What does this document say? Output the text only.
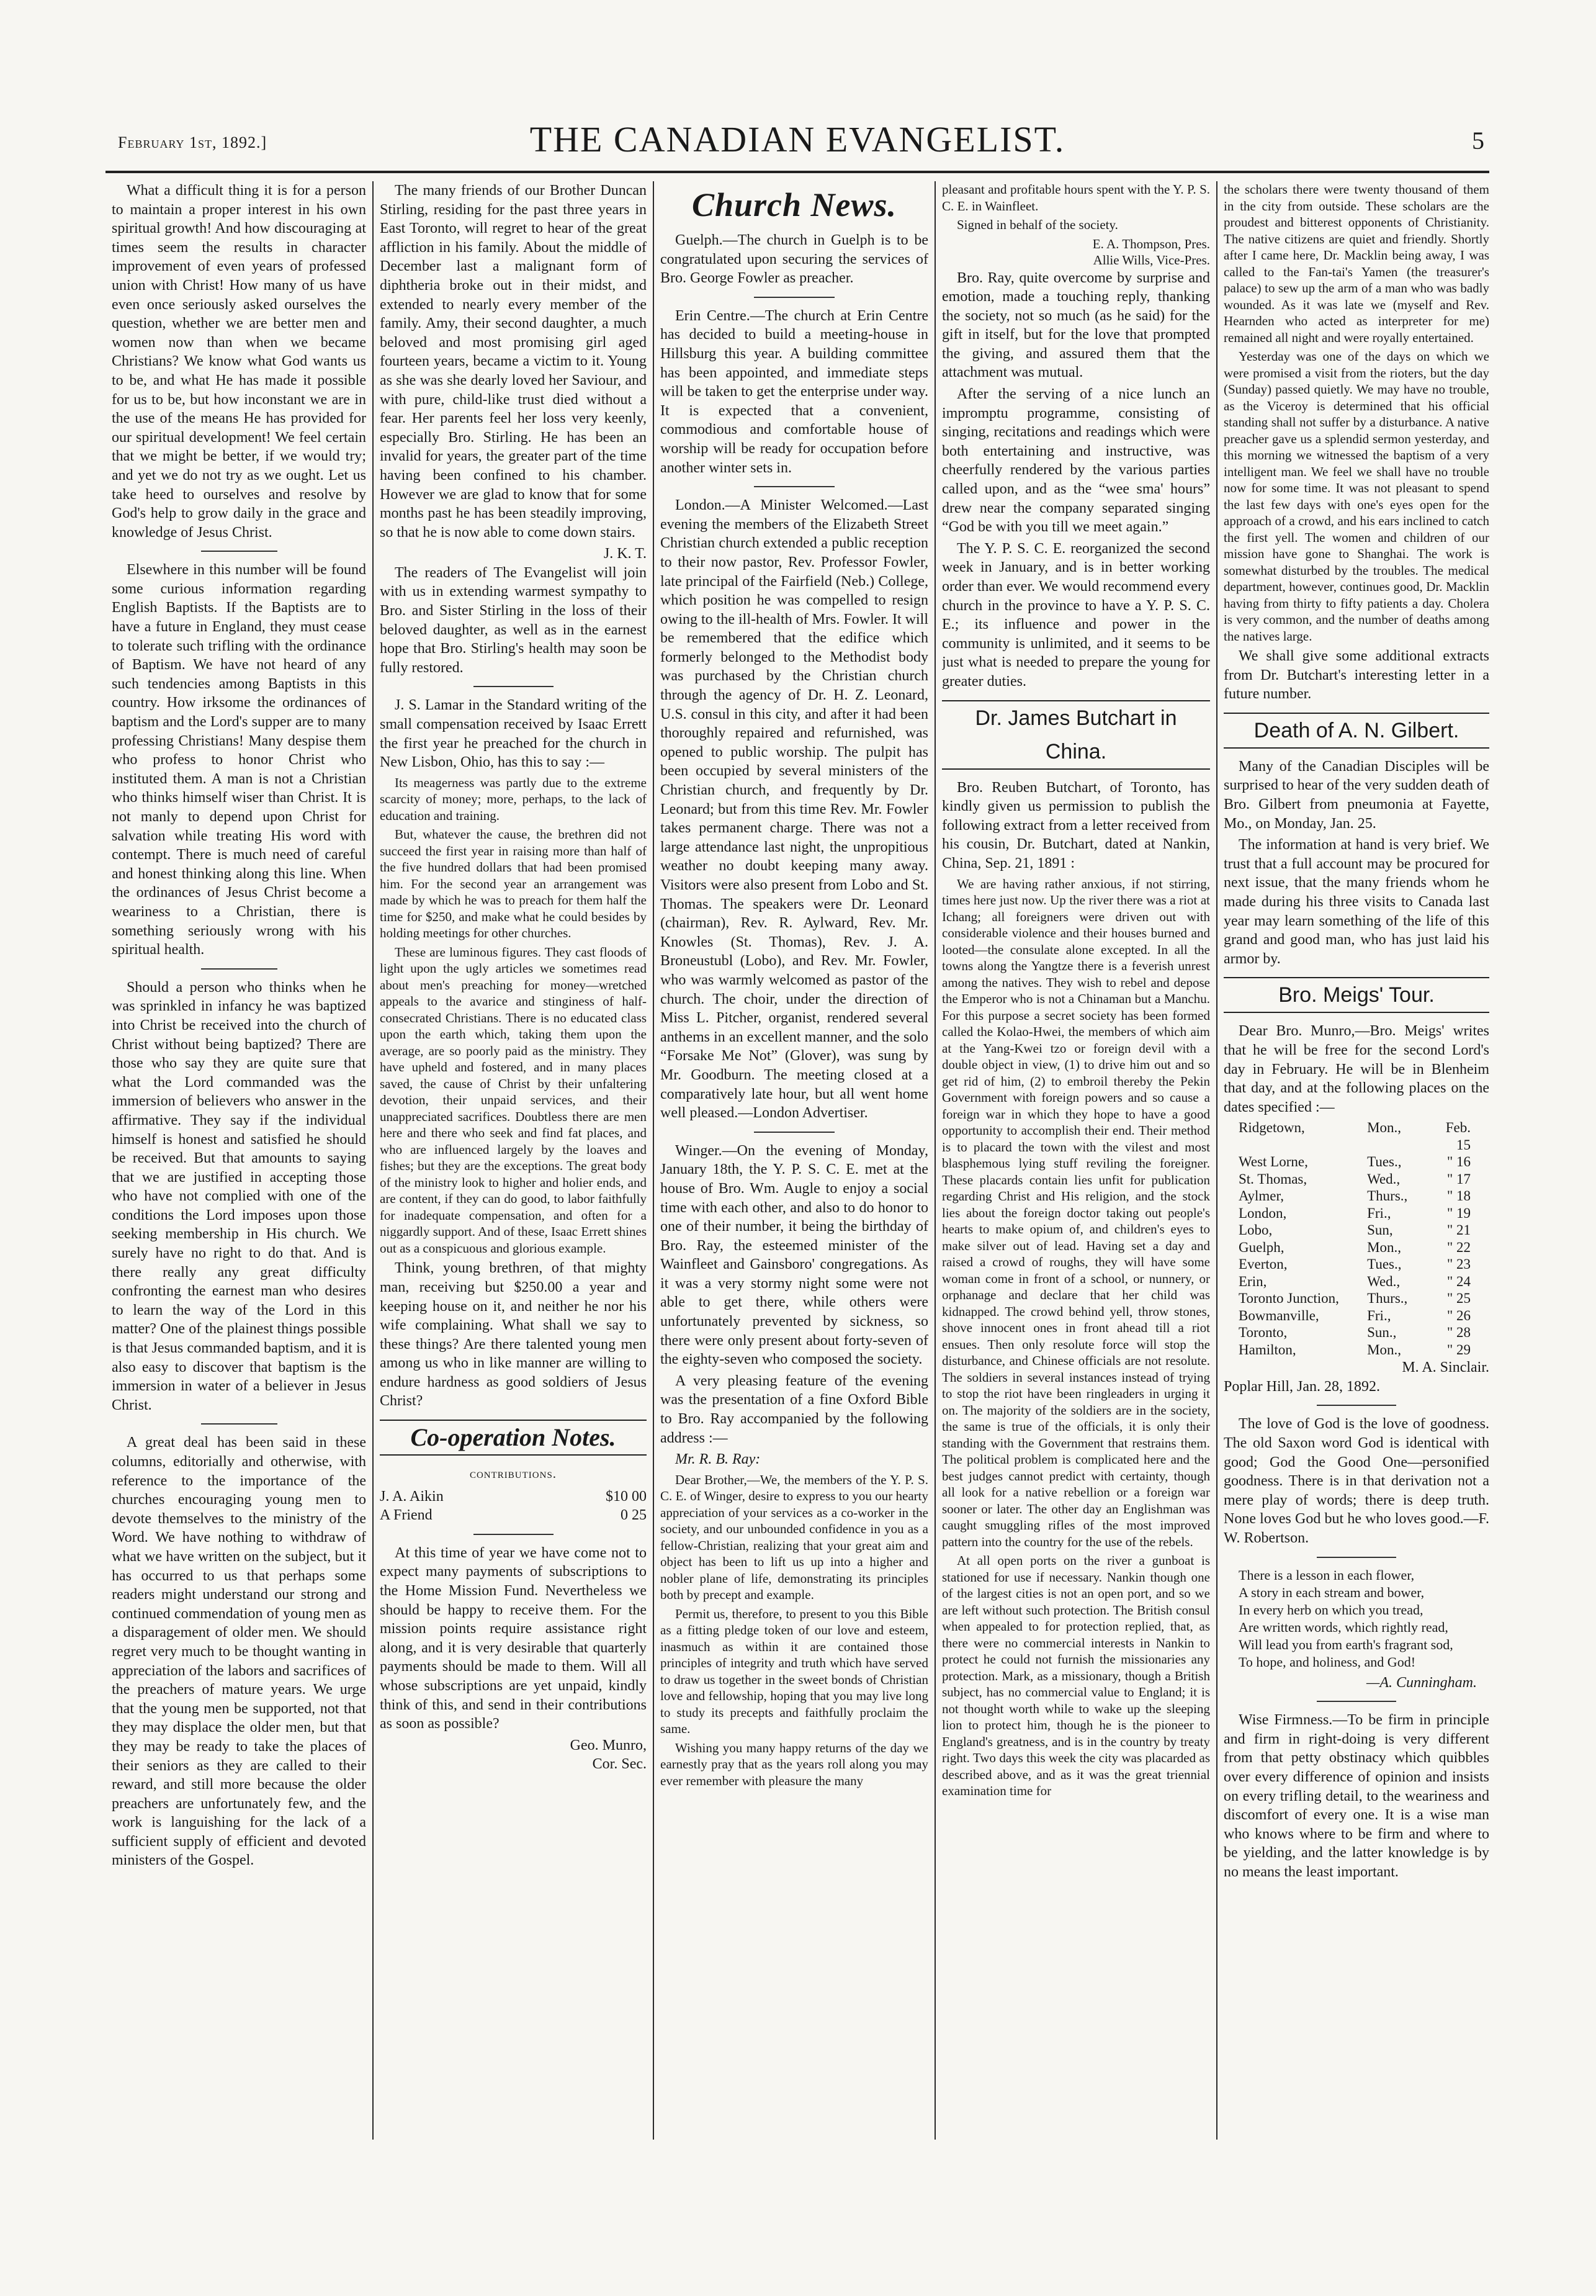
February 1st, 1892.]	THE CANADIAN EVANGELIST.	5

What a difficult thing it is for a person to maintain a proper interest in his own spiritual growth! And how discouraging at times seem the results in character improvement of even years of professed union with Christ! How many of us have even once seriously asked ourselves the question, whether we are better men and women now than when we became Christians? We know what God wants us to be, and what He has made it possible for us to be, but how inconstant we are in the use of the means He has provided for our spiritual development! We feel certain that we might be better, if we would try; and yet we do not try as we ought. Let us take heed to ourselves and resolve by God's help to grow daily in the grace and knowledge of Jesus Christ.

Elsewhere in this number will be found some curious information regarding English Baptists. If the Baptists are to have a future in England, they must cease to tolerate such trifling with the ordinance of Baptism. We have not heard of any such tendencies among Baptists in this country. How irksome the ordinances of baptism and the Lord's supper are to many professing Christians! Many despise them who profess to honor Christ who instituted them. A man is not a Christian who thinks himself wiser than Christ. It is not manly to depend upon Christ for salvation while treating His word with contempt. There is much need of careful and honest thinking along this line. When the ordinances of Jesus Christ become a weariness to a Christian, there is something seriously wrong with his spiritual health.

Should a person who thinks when he was sprinkled in infancy he was baptized into Christ be received into the church of Christ without being baptized? There are those who say they are quite sure that what the Lord commanded was the immersion of believers who answer in the affirmative. They say if the individual himself is honest and satisfied he should be received. But that amounts to saying that we are justified in accepting those who have not complied with one of the conditions the Lord imposes upon those seeking membership in His church. We surely have no right to do that. And is there really any great difficulty confronting the earnest man who desires to learn the way of the Lord in this matter? One of the plainest things possible is that Jesus commanded baptism, and it is also easy to discover that baptism is the immersion in water of a believer in Jesus Christ.

A great deal has been said in these columns, editorially and otherwise, with reference to the importance of the churches encouraging young men to devote themselves to the ministry of the Word. We have nothing to withdraw of what we have written on the subject, but it has occurred to us that perhaps some readers might understand our strong and continued commendation of young men as a disparagement of older men. We should regret very much to be thought wanting in appreciation of the labors and sacrifices of the preachers of mature years. We urge that the young men be supported, not that they may displace the older men, but that they may be ready to take the places of their seniors as they are called to their reward, and still more because the older preachers are unfortunately few, and the work is languishing for the lack of a sufficient supply of efficient and devoted ministers of the Gospel.

The many friends of our Brother Duncan Stirling, residing for the past three years in East Toronto, will regret to hear of the great affliction in his family. About the middle of December last a malignant form of diphtheria broke out in their midst, and extended to nearly every member of the family. Amy, their second daughter, a much beloved and most promising girl aged fourteen years, became a victim to it. Young as she was she dearly loved her Saviour, and with pure, child-like trust died without a fear. Her parents feel her loss very keenly, especially Bro. Stirling. He has been an invalid for years, the greater part of the time having been confined to his chamber. However we are glad to know that for some months past he has been steadily improving, so that he is now able to come down stairs.

J. K. T.

The readers of The Evangelist will join with us in extending warmest sympathy to Bro. and Sister Stirling in the loss of their beloved daughter, as well as in the earnest hope that Bro. Stirling's health may soon be fully restored.

J. S. Lamar in the Standard writing of the small compensation received by Isaac Errett the first year he preached for the church in New Lisbon, Ohio, has this to say :—

Its meagerness was partly due to the extreme scarcity of money; more, perhaps, to the lack of education and training.

But, whatever the cause, the brethren did not succeed the first year in raising more than half of the five hundred dollars that had been promised him. For the second year an arrangement was made by which he was to preach for them half the time for $250, and make what he could besides by holding meetings for other churches.

These are luminous figures. They cast floods of light upon the ugly articles we sometimes read about men's preaching for money—wretched appeals to the avarice and stinginess of half-consecrated Christians. There is no educated class upon the earth which, taking them upon the average, are so poorly paid as the ministry. They have upheld and fostered, and in many places saved, the cause of Christ by their unfaltering devotion, their unpaid services, and their unappreciated sacrifices. Doubtless there are men here and there who seek and find fat places, and who are influenced largely by the loaves and fishes; but they are the exceptions. The great body of the ministry look to higher and holier ends, and are content, if they can do good, to labor faithfully for inadequate compensation, and often for a niggardly support. And of these, Isaac Errett shines out as a conspicuous and glorious example.

Think, young brethren, of that mighty man, receiving but $250.00 a year and keeping house on it, and neither he nor his wife complaining. What shall we say to these things? Are there talented young men among us who in like manner are willing to endure hardness as good soldiers of Jesus Christ?

Co-operation Notes.
contributions.
J. A. Aikin	$10 00
A Friend	0 25

At this time of year we have come not to expect many payments of subscriptions to the Home Mission Fund. Nevertheless we should be happy to receive them. For the mission points require assistance right along, and it is very desirable that quarterly payments should be made to them. Will all whose subscriptions are yet unpaid, kindly think of this, and send in their contributions as soon as possible?

Geo. Munro,
Cor. Sec.
Church News.

Guelph.—The church in Guelph is to be congratulated upon securing the services of Bro. George Fowler as preacher.

Erin Centre.—The church at Erin Centre has decided to build a meeting-house in Hillsburg this year. A building committee has been appointed, and immediate steps will be taken to get the enterprise under way. It is expected that a convenient, commodious and comfortable house of worship will be ready for occupation before another winter sets in.

London.—A Minister Welcomed.—Last evening the members of the Elizabeth Street Christian church extended a public reception to their now pastor, Rev. Professor Fowler, late principal of the Fairfield (Neb.) College, which position he was compelled to resign owing to the ill-health of Mrs. Fowler. It will be remembered that the edifice which formerly belonged to the Methodist body was purchased by the Christian church through the agency of Dr. H. Z. Leonard, U.S. consul in this city, and after it had been thoroughly repaired and refurnished, was opened to public worship. The pulpit has been occupied by several ministers of the Christian church, and frequently by Dr. Leonard; but from this time Rev. Mr. Fowler takes permanent charge. There was not a large attendance last night, the unpropitious weather no doubt keeping many away. Visitors were also present from Lobo and St. Thomas. The speakers were Dr. Leonard (chairman), Rev. R. Aylward, Rev. Mr. Knowles (St. Thomas), Rev. J. A. Broneustubl (Lobo), and Rev. Mr. Fowler, who was warmly welcomed as pastor of the church. The choir, under the direction of Miss L. Pitcher, organist, rendered several anthems in an excellent manner, and the solo “Forsake Me Not” (Glover), was sung by Mr. Goodburn. The meeting closed at a comparatively late hour, but all went home well pleased.—London Advertiser.

Winger.—On the evening of Monday, January 18th, the Y. P. S. C. E. met at the house of Bro. Wm. Augle to enjoy a social time with each other, and also to do honor to one of their number, it being the birthday of Bro. Ray, the esteemed minister of the Wainfleet and Gainsboro' congregations. As it was a very stormy night some were not able to get there, while others were unfortunately prevented by sickness, so there were only present about forty-seven of the eighty-seven who composed the society.

A very pleasing feature of the evening was the presentation of a fine Oxford Bible to Bro. Ray accompanied by the following address :—

Mr. R. B. Ray:

Dear Brother,—We, the members of the Y. P. S. C. E. of Winger, desire to express to you our hearty appreciation of your services as a co-worker in the society, and our unbounded confidence in you as a fellow-Christian, realizing that your great aim and object has been to lift us up into a higher and nobler plane of life, demonstrating its principles both by precept and example.

Permit us, therefore, to present to you this Bible as a fitting pledge token of our love and esteem, inasmuch as within it are contained those principles of integrity and truth which have served to draw us together in the sweet bonds of Christian love and fellowship, hoping that you may live long to study its precepts and faithfully proclaim the same.

Wishing you many happy returns of the day we earnestly pray that as the years roll along you may ever remember with pleasure the many

pleasant and profitable hours spent with the Y. P. S. C. E. in Wainfleet.

Signed in behalf of the society.

E. A. Thompson, Pres.
Allie Wills, Vice-Pres.

Bro. Ray, quite overcome by surprise and emotion, made a touching reply, thanking the society, not so much (as he said) for the gift in itself, but for the love that prompted the giving, and assured them that the attachment was mutual.

After the serving of a nice lunch an impromptu programme, consisting of singing, recitations and readings which were both entertaining and instructive, was cheerfully rendered by the various parties called upon, and as the “wee sma' hours” drew near the company separated singing “God be with you till we meet again.”

The Y. P. S. C. E. reorganized the second week in January, and is in better working order than ever. We would recommend every church in the province to have a Y. P. S. C. E.; its influence and power in the community is unlimited, and it seems to be just what is needed to prepare the young for greater duties.

Dr. James Butchart in China.

Bro. Reuben Butchart, of Toronto, has kindly given us permission to publish the following extract from a letter received from his cousin, Dr. Butchart, dated at Nankin, China, Sep. 21, 1891 :

We are having rather anxious, if not stirring, times here just now. Up the river there was a riot at Ichang; all foreigners were driven out with considerable violence and their houses burned and looted—the consulate alone excepted. In all the towns along the Yangtze there is a feverish unrest among the natives. They wish to rebel and depose the Emperor who is not a Chinaman but a Manchu. For this purpose a secret society has been formed called the Kolao-Hwei, the members of which aim at the Yang-Kwei tzo or foreign devil with a double object in view, (1) to drive him out and so get rid of him, (2) to embroil thereby the Pekin Government with foreign powers and so cause a foreign war in which they hope to have a good opportunity to accomplish their end. Their method is to placard the town with the vilest and most blasphemous lying stuff reviling the foreigner. These placards contain lies unfit for publication regarding Christ and His religion, and the stock lies about the foreign doctor taking out people's hearts to make opium of, and children's eyes to make silver out of lead. Having set a day and raised a crowd of roughs, they will have some woman come in front of a school, or nunnery, or orphanage and declare that her child was kidnapped. The crowd behind yell, throw stones, shove innocent ones in front ahead till a riot ensues. Then only resolute force will stop the disturbance, and Chinese officials are not resolute. The soldiers in several instances instead of trying to stop the riot have been ringleaders in urging it on. The majority of the soldiers are in the society, the same is true of the officials, it is only their standing with the Government that restrains them. The political problem is complicated here and the best judges cannot predict with certainty, though all look for a native rebellion or a foreign war sooner or later. The other day an Englishman was caught smuggling rifles of the most improved pattern into the country for the use of the rebels.

At all open ports on the river a gunboat is stationed for use if necessary. Nankin though one of the largest cities is not an open port, and so we are left without such protection. The British consul when appealed to for protection replied, that, as there were no commercial interests in Nankin to protect he could not furnish the missionaries any protection. Mark, as a missionary, though a British subject, has no commercial value to England; it is not thought worth while to wake up the sleeping lion to protect him, though he is the pioneer to England's greatness, and is in the country by treaty right. Two days this week the city was placarded as described above, and as it was the great triennial examination time for

the scholars there were twenty thousand of them in the city from outside. These scholars are the proudest and bitterest opponents of Christianity. The native citizens are quiet and friendly. Shortly after I came here, Dr. Macklin being away, I was called to the Fan-tai's Yamen (the treasurer's palace) to sew up the arm of a man who was badly wounded. As it was late we (myself and Rev. Hearnden who acted as interpreter for me) remained all night and were royally entertained.

Yesterday was one of the days on which we were promised a visit from the rioters, but the day (Sunday) passed quietly. We may have no trouble, as the Viceroy is determined that his official standing shall not suffer by a disturbance. A native preacher gave us a splendid sermon yesterday, and this morning we witnessed the baptism of a very intelligent man. We feel we shall have no trouble now for some time. It was not pleasant to spend the last few days with one's eyes open for the approach of a crowd, and his ears inclined to catch the first yell. The women and children of our mission have gone to Shanghai. The work is somewhat disturbed by the troubles. The medical department, however, continues good, Dr. Macklin having from thirty to fifty patients a day. Cholera is very common, and the number of deaths among the natives large.

We shall give some additional extracts from Dr. Butchart's interesting letter in a future number.

Death of A. N. Gilbert.

Many of the Canadian Disciples will be surprised to hear of the very sudden death of Bro. Gilbert from pneumonia at Fayette, Mo., on Monday, Jan. 25.

The information at hand is very brief. We trust that a full account may be procured for next issue, that the many friends whom he made during his three visits to Canada last year may learn something of the life of this grand and good man, who has just laid his armor by.

Bro. Meigs' Tour.

Dear Bro. Munro,—Bro. Meigs' writes that he will be free for the second Lord's day in February. He will be in Blenheim that day, and at the following places on the dates specified :—

Ridgetown,	Mon.,	Feb. 15
West Lorne,	Tues.,	" 16
St. Thomas,	Wed.,	" 17
Aylmer,	Thurs.,	" 18
London,	Fri.,	" 19
Lobo,	Sun,	" 21
Guelph,	Mon.,	" 22
Everton,	Tues.,	" 23
Erin,	Wed.,	" 24
Toronto Junction,	Thurs.,	" 25
Bowmanville,	Fri.,	" 26
Toronto,	Sun.,	" 28
Hamilton,	Mon.,	" 29
M. A. Sinclair.

Poplar Hill, Jan. 28, 1892.

The love of God is the love of goodness. The old Saxon word God is identical with good; God the Good One—personified goodness. There is in that derivation not a mere play of words; there is deep truth. None loves God but he who loves good.—F. W. Robertson.

There is a lesson in each flower,
A story in each stream and bower,
In every herb on which you tread,
Are written words, which rightly read,
Will lead you from earth's fragrant sod,
To hope, and holiness, and God!
—A. Cunningham.

Wise Firmness.—To be firm in principle and firm in right-doing is very different from that petty obstinacy which quibbles over every difference of opinion and insists on every trifling detail, to the weariness and discomfort of every one. It is a wise man who knows where to be firm and where to be yielding, and the latter knowledge is by no means the least important.
